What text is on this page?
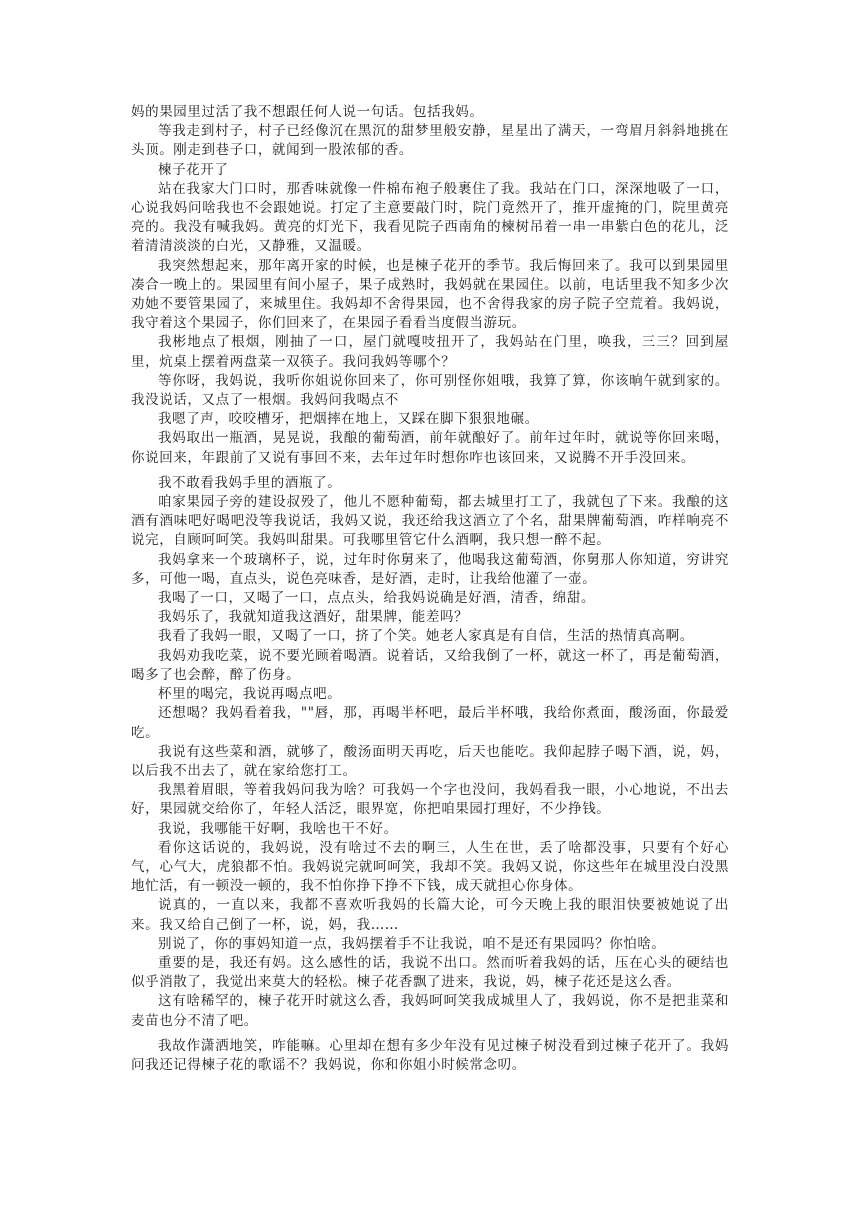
妈的果园里过活了我不想跟任何人说一句话。包括我妈。

等我走到村子，村子已经像沉在黑沉的甜梦里般安静，星星出了满天，一弯眉月斜斜地挑在头顶。刚走到巷子口，就闻到一股浓郁的香。

楝子花开了

站在我家大门口时，那香味就像一件棉布袍子般裹住了我。我站在门口，深深地吸了一口，心说我妈问啥我也不会跟她说。打定了主意要敲门时，院门竟然开了，推开虚掩的门，院里黄亮亮的。我没有喊我妈。黄亮的灯光下，我看见院子西南角的楝树吊着一串一串紫白色的花儿，泛着清清淡淡的白光，又静雅，又温暖。

我突然想起来，那年离开家的时候，也是楝子花开的季节。我后悔回来了。我可以到果园里凑合一晚上的。果园里有间小屋子，果子成熟时，我妈就在果园住。以前，电话里我不知多少次劝她不要管果园了，来城里住。我妈却不舍得果园，也不舍得我家的房子院子空荒着。我妈说，我守着这个果园子，你们回来了，在果园子看看当度假当游玩。

我彬地点了根烟，刚抽了一口，屋门就嘎吱扭开了，我妈站在门里，唤我，三三？回到屋里，炕桌上摆着两盘菜一双筷子。我问我妈等哪个？

等你呀，我妈说，我听你姐说你回来了，你可别怪你姐哦，我算了算，你该晌午就到家的。我没说话，又点了一根烟。我妈问我喝点不

我嗯了声，咬咬槽牙，把烟摔在地上，又踩在脚下狠狠地碾。

我妈取出一瓶酒，晃晃说，我酿的葡萄酒，前年就酿好了。前年过年时，就说等你回来喝，你说回来，年跟前了又说有事回不来，去年过年时想你咋也该回来，又说腾不开手没回来。

我不敢看我妈手里的酒瓶了。

咱家果园子旁的建设叔殁了，他儿不愿种葡萄，都去城里打工了，我就包了下来。我酿的这酒有酒味吧好喝吧没等我说话，我妈又说，我还给我这酒立了个名，甜果牌葡萄酒，咋样响亮不说完，自顾呵呵笑。我妈叫甜果。可我哪里管它什么酒啊，我只想一醉不起。

我妈拿来一个玻璃杯子，说，过年时你舅来了，他喝我这葡萄酒，你舅那人你知道，穷讲究多，可他一喝，直点头，说色亮味香，是好酒，走时，让我给他灌了一壶。

我喝了一口，又喝了一口，点点头，给我妈说确是好酒，清香，绵甜。

我妈乐了，我就知道我这酒好，甜果牌，能差吗？

我看了我妈一眼，又喝了一口，挤了个笑。她老人家真是有自信，生活的热情真高啊。

我妈劝我吃菜，说不要光顾着喝酒。说着话，又给我倒了一杯，就这一杯了，再是葡萄酒，喝多了也会醉，醉了伤身。

杯里的喝完，我说再喝点吧。

还想喝？我妈看着我，""唇，那，再喝半杯吧，最后半杯哦，我给你煮面，酸汤面，你最爱吃。

我说有这些菜和酒，就够了，酸汤面明天再吃，后天也能吃。我仰起脖子喝下酒，说，妈，以后我不出去了，就在家给您打工。

我黑着眉眼，等着我妈问我为啥？可我妈一个字也没问，我妈看我一眼，小心地说，不出去好，果园就交给你了，年轻人活泛，眼界宽，你把咱果园打理好，不少挣钱。

我说，我哪能干好啊，我啥也干不好。

看你这话说的，我妈说，没有啥过不去的啊三，人生在世，丢了啥都没事，只要有个好心气，心气大，虎狼都不怕。我妈说完就呵呵笑，我却不笑。我妈又说，你这些年在城里没白没黑地忙活，有一顿没一顿的，我不怕你挣下挣不下钱，成天就担心你身体。

说真的，一直以来，我都不喜欢听我妈的长篇大论，可今天晚上我的眼泪快要被她说了出来。我又给自己倒了一杯，说，妈，我……

别说了，你的事妈知道一点，我妈摆着手不让我说，咱不是还有果园吗？你怕啥。

重要的是，我还有妈。这么感性的话，我说不出口。然而听着我妈的话，压在心头的硬结也似乎消散了，我觉出来莫大的轻松。楝子花香飘了进来，我说，妈，楝子花还是这么香。

这有啥稀罕的，楝子花开时就这么香，我妈呵呵笑我成城里人了，我妈说，你不是把韭菜和麦苗也分不清了吧。

我故作潇洒地笑，咋能嘛。心里却在想有多少年没有见过楝子树没看到过楝子花开了。我妈问我还记得楝子花的歌谣不？我妈说，你和你姐小时候常念叨。
